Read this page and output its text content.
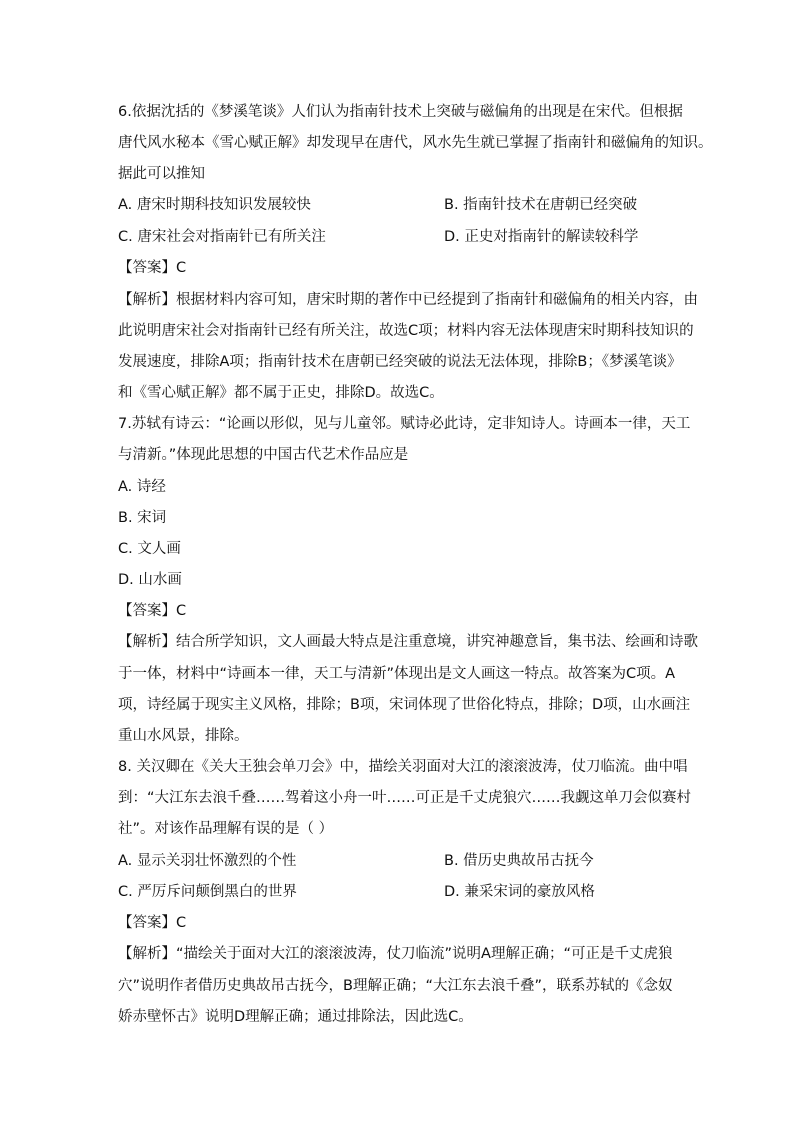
6.依据沈括的《梦溪笔谈》人们认为指南针技术上突破与磁偏角的出现是在宋代。但根据
唐代风水秘本《雪心赋正解》却发现早在唐代，风水先生就已掌握了指南针和磁偏角的知识。
据此可以推知
A. 唐宋时期科技知识发展较快	B. 指南针技术在唐朝已经突破
C. 唐宋社会对指南针已有所关注	D. 正史对指南针的解读较科学
【答案】C
【解析】根据材料内容可知，唐宋时期的著作中已经提到了指南针和磁偏角的相关内容，由
此说明唐宋社会对指南针已经有所关注，故选C项；材料内容无法体现唐宋时期科技知识的
发展速度，排除A项；指南针技术在唐朝已经突破的说法无法体现，排除B；《梦溪笔谈》
和《雪心赋正解》都不属于正史，排除D。故选C。
7.苏轼有诗云：“论画以形似，见与儿童邻。赋诗必此诗，定非知诗人。诗画本一律，天工
与清新。”体现此思想的中国古代艺术作品应是
A. 诗经
B. 宋词
C. 文人画
D. 山水画
【答案】C
【解析】结合所学知识，文人画最大特点是注重意境，讲究神趣意旨，集书法、绘画和诗歌
于一体，材料中“诗画本一律，天工与清新”体现出是文人画这一特点。故答案为C项。A
项，诗经属于现实主义风格，排除；B项，宋词体现了世俗化特点，排除；D项，山水画注
重山水风景，排除。
8. 关汉卿在《关大王独会单刀会》中，描绘关羽面对大江的滚滚波涛，仗刀临流。曲中唱
到：“大江东去浪千叠……驾着这小舟一叶……可正是千丈虎狼穴……我觑这单刀会似赛村
社”。对该作品理解有误的是（ ）
A. 显示关羽壮怀激烈的个性	B. 借历史典故吊古抚今
C. 严厉斥问颠倒黑白的世界	D. 兼采宋词的豪放风格
【答案】C
【解析】“描绘关于面对大江的滚滚波涛，仗刀临流”说明A理解正确；“可正是千丈虎狼
穴”说明作者借历史典故吊古抚今，B理解正确；“大江东去浪千叠”，联系苏轼的《念奴
娇赤壁怀古》说明D理解正确；通过排除法，因此选C。
